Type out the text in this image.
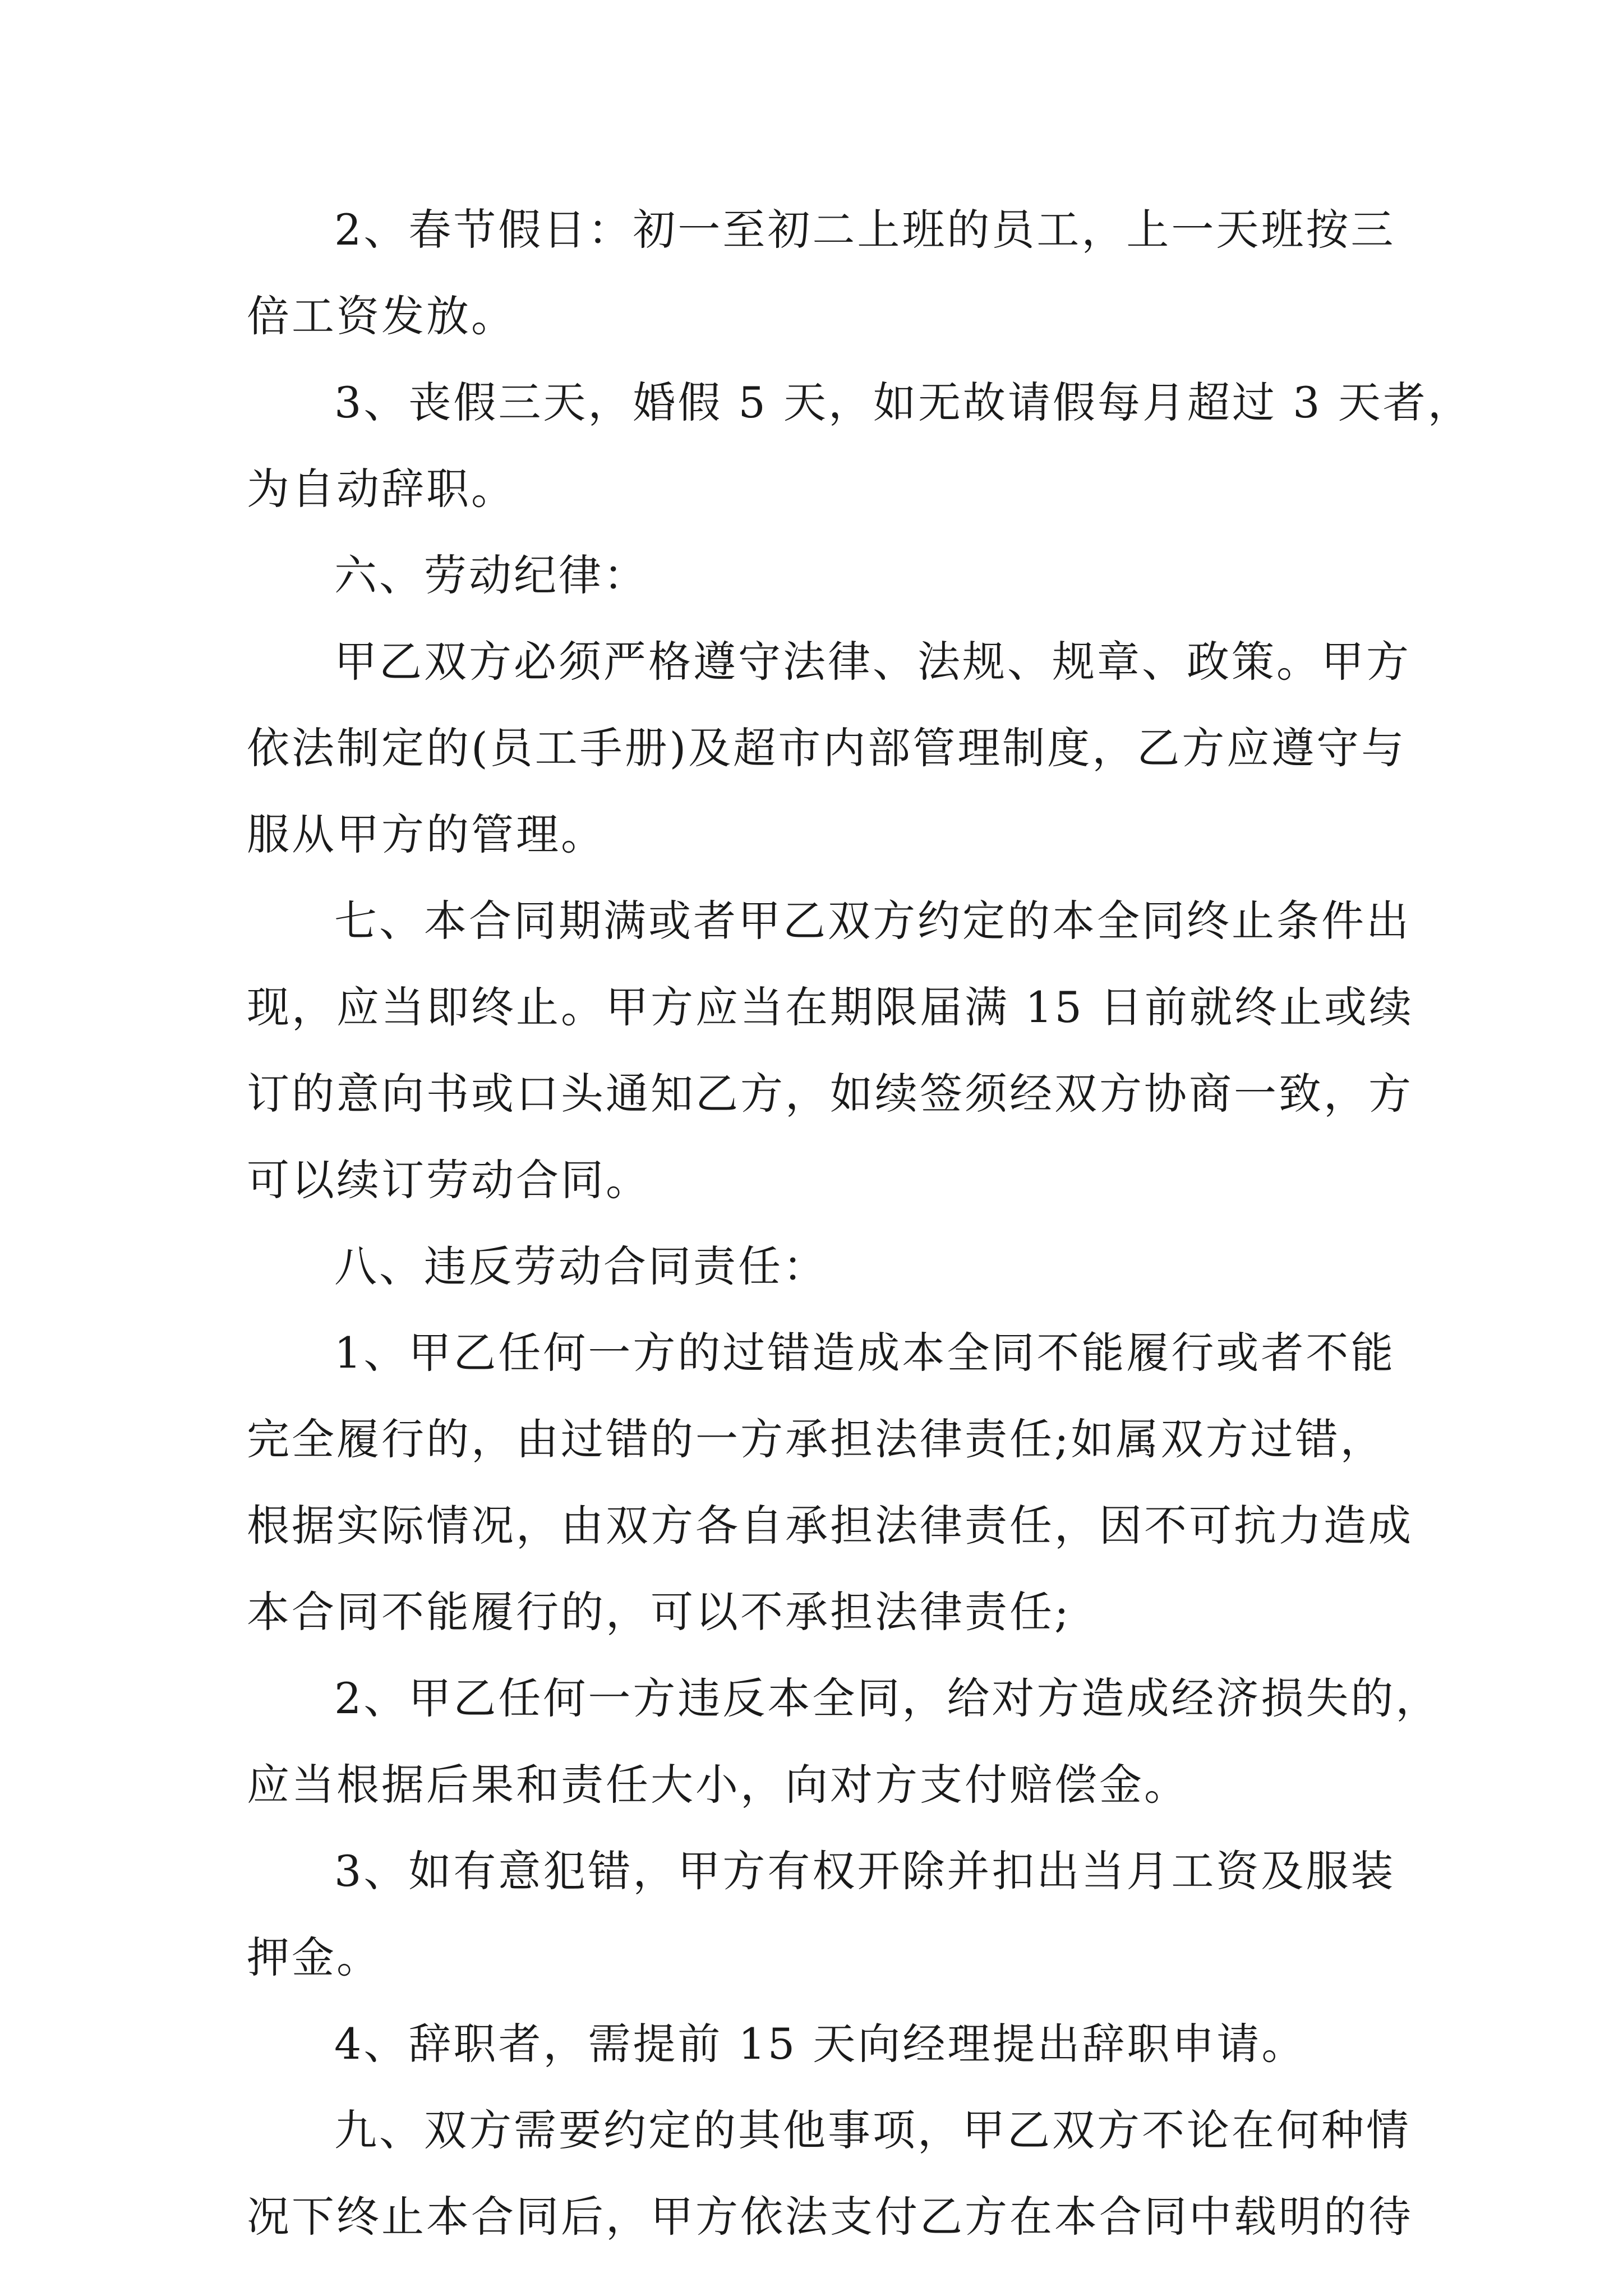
2、春节假日：初一至初二上班的员工，上一天班按三
倍工资发放。
3、丧假三天，婚假 5 天，如无故请假每月超过 3 天者，
为自动辞职。
六、劳动纪律：
甲乙双方必须严格遵守法律、法规、规章、政策。甲方
依法制定的(员工手册)及超市内部管理制度，乙方应遵守与
服从甲方的管理。
七、本合同期满或者甲乙双方约定的本全同终止条件出
现，应当即终止。甲方应当在期限届满 15 日前就终止或续
订的意向书或口头通知乙方，如续签须经双方协商一致，方
可以续订劳动合同。
八、违反劳动合同责任：
1、甲乙任何一方的过错造成本全同不能履行或者不能
完全履行的，由过错的一方承担法律责任;如属双方过错，
根据实际情况，由双方各自承担法律责任，因不可抗力造成
本合同不能履行的，可以不承担法律责任;
2、甲乙任何一方违反本全同，给对方造成经济损失的，
应当根据后果和责任大小，向对方支付赔偿金。
3、如有意犯错，甲方有权开除并扣出当月工资及服装
押金。
4、辞职者，需提前 15 天向经理提出辞职申请。
九、双方需要约定的其他事项，甲乙双方不论在何种情
况下终止本合同后，甲方依法支付乙方在本合同中载明的待
